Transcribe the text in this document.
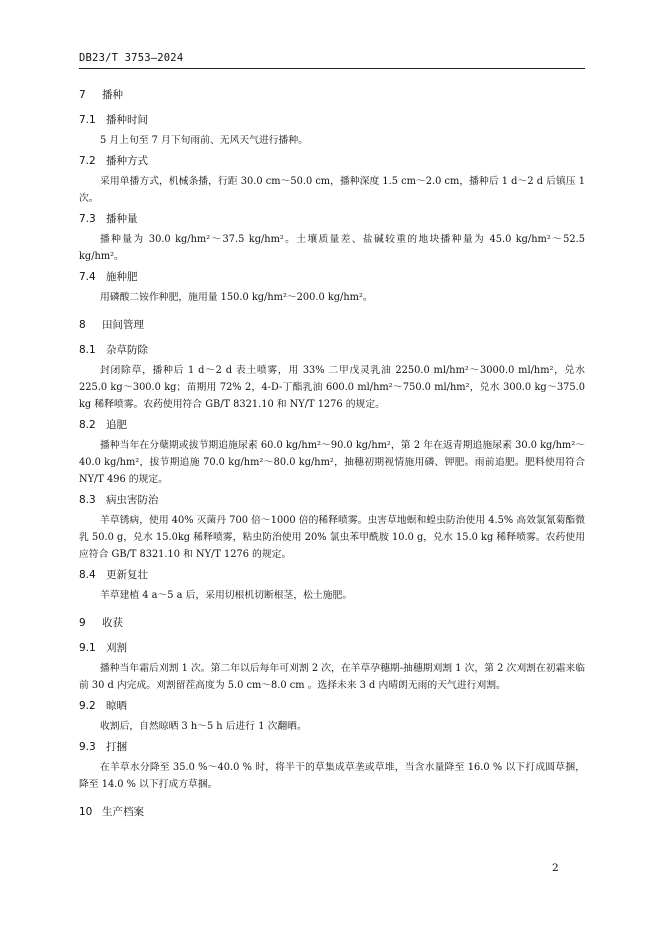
DB23/T 3753—2024
7 播种
7.1 播种时间

5 月上旬至 7 月下旬雨前、无风天气进行播种。

7.2 播种方式

采用单播方式，机械条播，行距 30.0 cm～50.0 cm，播种深度 1.5 cm～2.0 cm，播种后 1 d～2 d 后镇压 1 次。

7.3 播种量

播种量为 30.0 kg/hm²～37.5 kg/hm²。土壤质量差、盐碱较重的地块播种量为 45.0 kg/hm²～52.5 kg/hm²。

7.4 施种肥

用磷酸二铵作种肥，施用量 150.0 kg/hm²～200.0 kg/hm²。

8 田间管理
8.1 杂草防除

封闭除草，播种后 1 d～2 d 表土喷雾，用 33% 二甲戊灵乳油 2250.0 ml/hm²～3000.0 ml/hm²，兑水 225.0 kg～300.0 kg；苗期用 72% 2，4-D-丁酯乳油 600.0 ml/hm²～750.0 ml/hm²，兑水 300.0 kg～375.0 kg 稀释喷雾。农药使用符合 GB/T 8321.10 和 NY/T 1276 的规定。

8.2 追肥

播种当年在分蘖期或拔节期追施尿素 60.0 kg/hm²～90.0 kg/hm²，第 2 年在返青期追施尿素 30.0 kg/hm²～40.0 kg/hm²，拔节期追施 70.0 kg/hm²～80.0 kg/hm²，抽穗初期视情施用磷、钾肥。雨前追肥。肥料使用符合 NY/T 496 的规定。

8.3 病虫害防治

羊草锈病，使用 40% 灭菌丹 700 倍～1000 倍的稀释喷雾。虫害草地螟和蝗虫防治使用 4.5% 高效氯氰菊酯微乳 50.0 g，兑水 15.0kg 稀释喷雾，粘虫防治使用 20% 氯虫苯甲酰胺 10.0 g，兑水 15.0 kg 稀释喷雾。农药使用应符合 GB/T 8321.10 和 NY/T 1276 的规定。

8.4 更新复壮

羊草建植 4 a～5 a 后，采用切根机切断根茎，松土施肥。

9 收获
9.1 刈割

播种当年霜后刈割 1 次。第二年以后每年可刈割 2 次，在羊草孕穗期-抽穗期刈割 1 次，第 2 次刈割在初霜来临前 30 d 内完成。刈割留茬高度为 5.0 cm～8.0 cm 。选择未来 3 d 内晴朗无雨的天气进行刈割。

9.2 晾晒

收割后，自然晾晒 3 h～5 h 后进行 1 次翻晒。

9.3 打捆

在羊草水分降至 35.0 %～40.0 % 时，将半干的草集成草垄或草堆，当含水量降至 16.0 % 以下打成圆草捆，降至 14.0 % 以下打成方草捆。

10 生产档案
2
